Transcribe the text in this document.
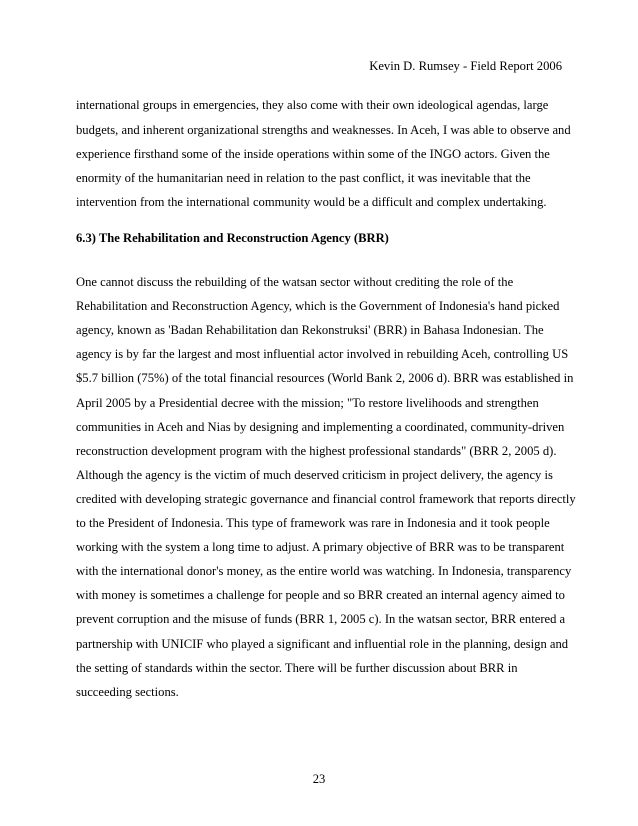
Kevin D. Rumsey - Field Report 2006
international groups in emergencies, they also come with their own ideological agendas, large
budgets, and inherent organizational strengths and weaknesses. In Aceh, I was able to observe and
experience firsthand some of the inside operations within some of the INGO actors. Given the
enormity of the humanitarian need in relation to the past conflict, it was inevitable that the
intervention from the international community would be a difficult and complex undertaking.
6.3) The Rehabilitation and Reconstruction Agency (BRR)
One cannot discuss the rebuilding of the watsan sector without crediting the role of the
Rehabilitation and Reconstruction Agency, which is the Government of Indonesia's hand picked
agency, known as 'Badan Rehabilitation dan Rekonstruksi' (BRR) in Bahasa Indonesian. The
agency is by far the largest and most influential actor involved in rebuilding Aceh, controlling US
$5.7 billion (75%) of the total financial resources (World Bank 2, 2006 d). BRR was established in
April 2005 by a Presidential decree with the mission; "To restore livelihoods and strengthen
communities in Aceh and Nias by designing and implementing a coordinated, community-driven
reconstruction development program with the highest professional standards" (BRR 2, 2005 d).
Although the agency is the victim of much deserved criticism in project delivery, the agency is
credited with developing strategic governance and financial control framework that reports directly
to the President of Indonesia. This type of framework was rare in Indonesia and it took people
working with the system a long time to adjust. A primary objective of BRR was to be transparent
with the international donor's money, as the entire world was watching. In Indonesia, transparency
with money is sometimes a challenge for people and so BRR created an internal agency aimed to
prevent corruption and the misuse of funds (BRR 1, 2005 c). In the watsan sector, BRR entered a
partnership with UNICIF who played a significant and influential role in the planning, design and
the setting of standards within the sector. There will be further discussion about BRR in
succeeding sections.
23
